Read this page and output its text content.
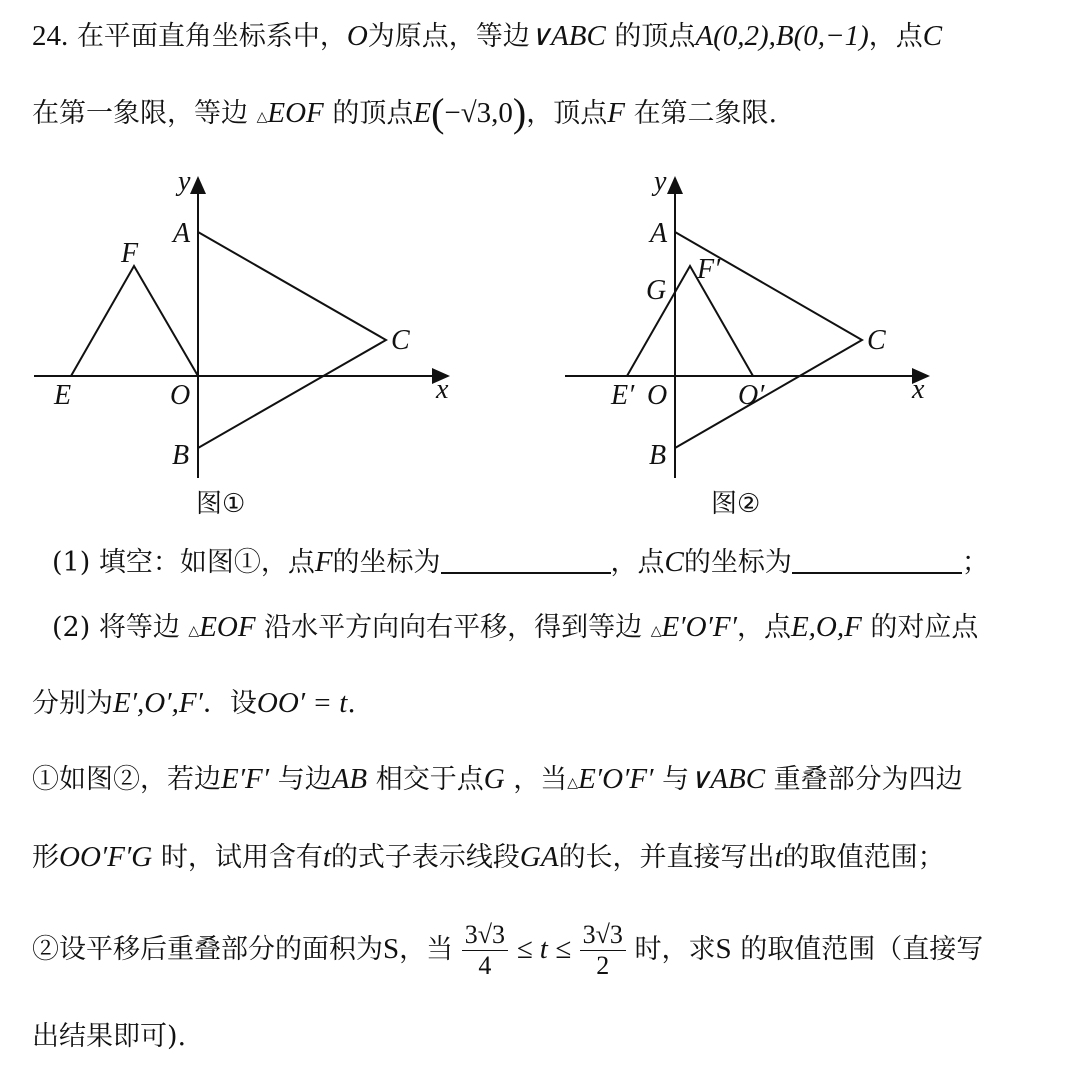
24. 在平面直角坐标系中，O为原点，等边∨ABC 的顶点A(0,2),B(0,−1)，点C
在第一象限，等边 △EOF 的顶点E(−√3,0)，顶点F 在第二象限.
y
x
A
B
C
E
F
O
图①
y
x
A
B
C
E′
F′
G
O	O′
图②
(1) 填空：如图①，点F的坐标为	，点C的坐标为	；
(2) 将等边 △EOF 沿水平方向向右平移，得到等边 △E′O′F′，点E,O,F 的对应点
分别为E′,O′,F′．设OO′ = t.
①如图②，若边E′F′ 与边AB 相交于点G ，当△E′O′F′ 与∨ABC 重叠部分为四边
形OO′F′G 时，试用含有t的式子表示线段GA的长，并直接写出t的取值范围；
②设平移后重叠部分的面积为S，当 $\frac{3√3}{4} \le t \le \frac{3√3}{2}$ 时，求S 的取值范围（直接写
出结果即可).
